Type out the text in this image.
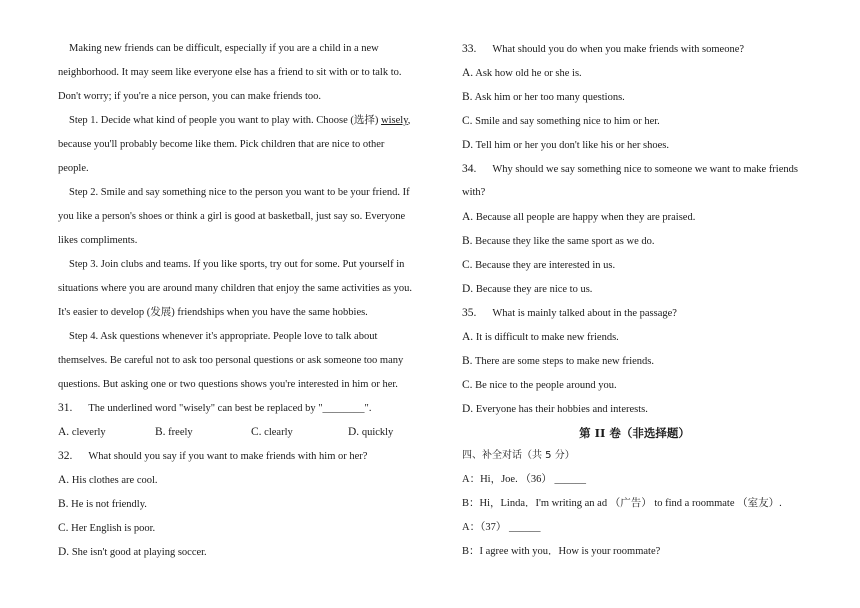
Making new friends can be difficult, especially if you are a child in a new
neighborhood. It may seem like everyone else has a friend to sit with or to talk to.
Don't worry; if you're a nice person, you can make friends too.
Step 1. Decide what kind of people you want to play with. Choose (选择) wisely,
because you'll probably become like them. Pick children that are nice to other
people.
Step 2. Smile and say something nice to the person you want to be your friend. If
you like a person's shoes or think a girl is good at basketball, just say so. Everyone
likes compliments.
Step 3. Join clubs and teams. If you like sports, try out for some. Put yourself in
situations where you are around many children that enjoy the same activities as you.
It's easier to develop (发展) friendships when you have the same hobbies.
Step 4. Ask questions whenever it's appropriate. People love to talk about
themselves. Be careful not to ask too personal questions or ask someone too many
questions. But asking one or two questions shows you're interested in him or her.
31. The underlined word "wisely" can best be replaced by "________".
A. cleverly	B. freely	C. clearly	D. quickly
32. What should you say if you want to make friends with him or her?
A. His clothes are cool.
B. He is not friendly.
C. Her English is poor.
D. She isn't good at playing soccer.
33. What should you do when you make friends with someone?
A. Ask how old he or she is.
B. Ask him or her too many questions.
C. Smile and say something nice to him or her.
D. Tell him or her you don't like his or her shoes.
34. Why should we say something nice to someone we want to make friends
with?
A. Because all people are happy when they are praised.
B. Because they like the same sport as we do.
C. Because they are interested in us.
D. Because they are nice to us.
35. What is mainly talked about in the passage?
A. It is difficult to make new friends.
B. There are some steps to make new friends.
C. Be nice to the people around you.
D. Everyone has their hobbies and interests.
第 II 卷（非选择题）
四、补全对话（共 5 分）
A：Hi，Joe. （36） ______
B：Hi，Linda．I'm writing an ad （广告） to find a roommate （室友）.
A：（37） ______
B：I agree with you．How is your roommate?
